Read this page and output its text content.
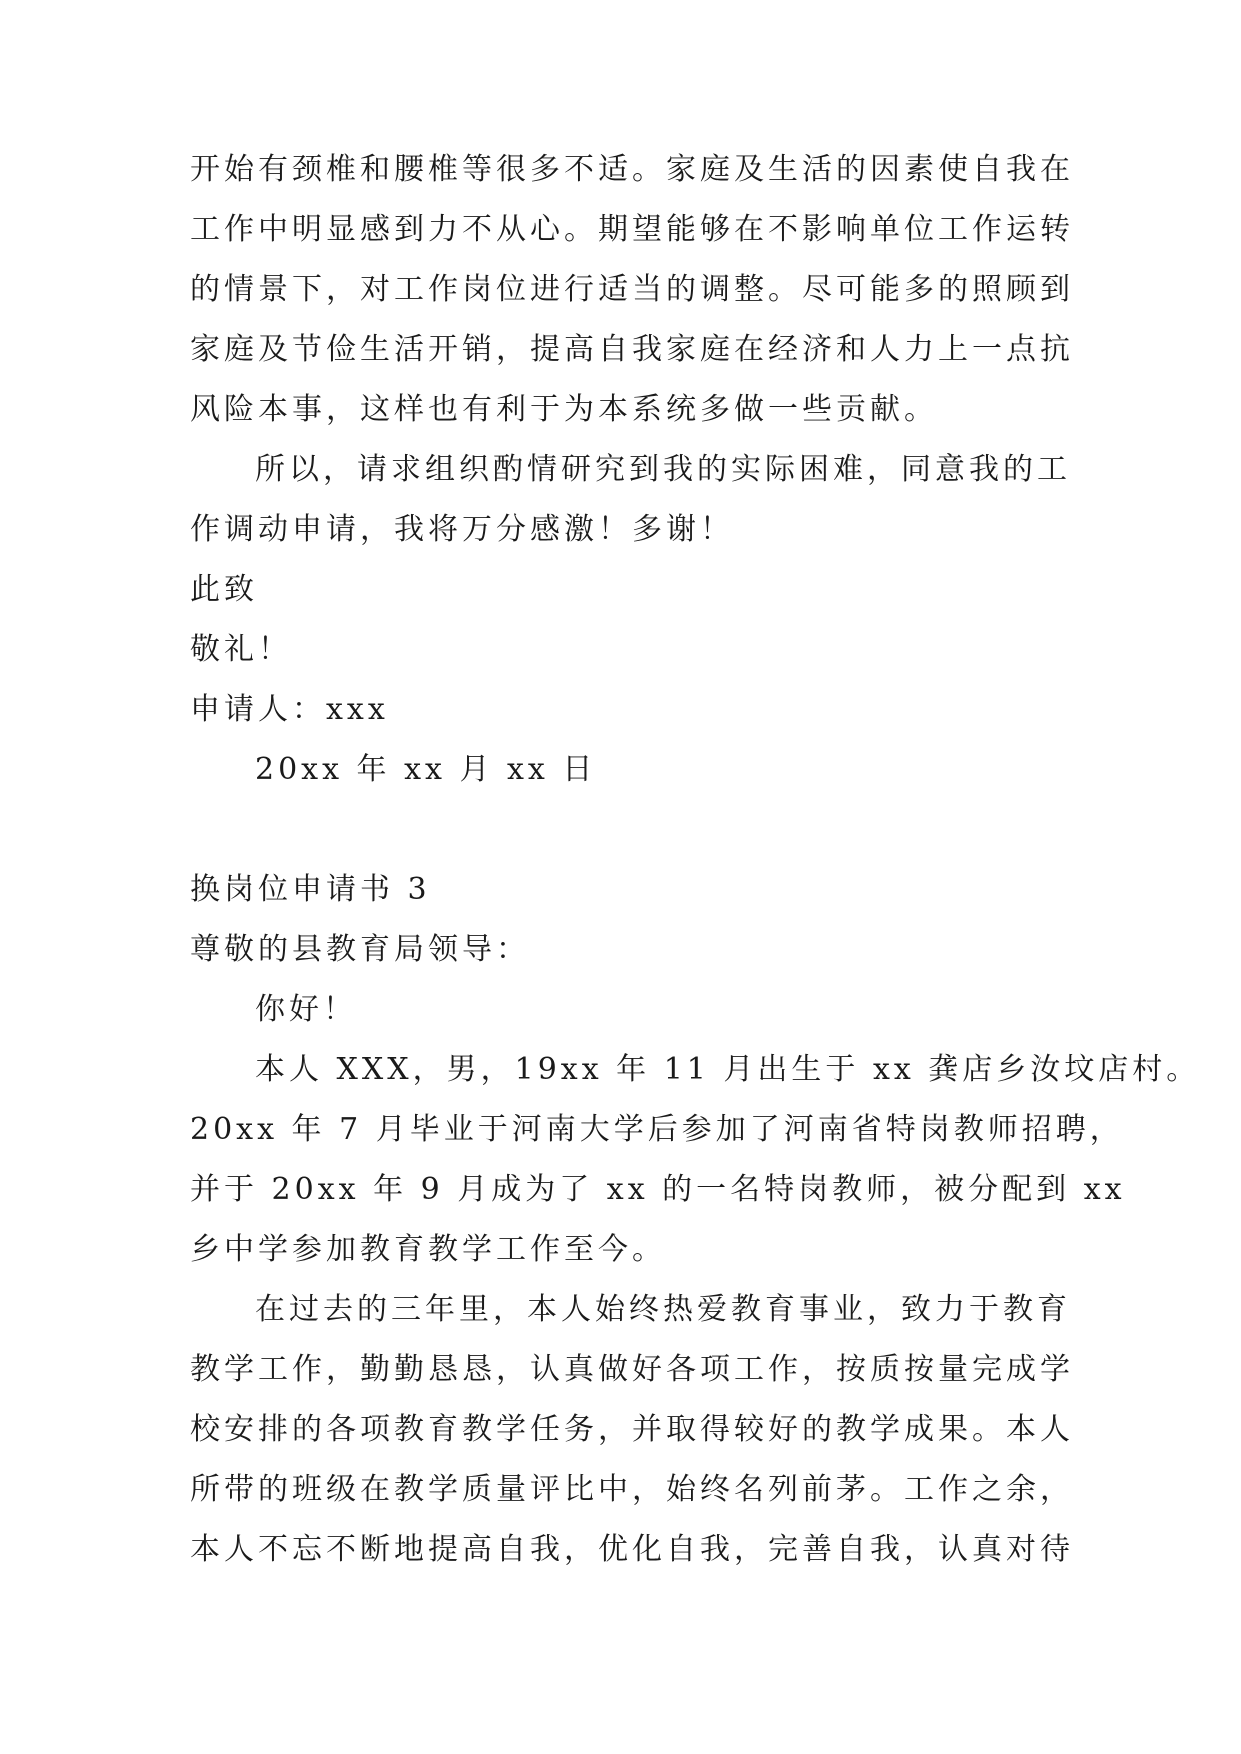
开始有颈椎和腰椎等很多不适。家庭及生活的因素使自我在
工作中明显感到力不从心。期望能够在不影响单位工作运转
的情景下，对工作岗位进行适当的调整。尽可能多的照顾到
家庭及节俭生活开销，提高自我家庭在经济和人力上一点抗
风险本事，这样也有利于为本系统多做一些贡献。
所以，请求组织酌情研究到我的实际困难，同意我的工
作调动申请，我将万分感激！多谢！
此致
敬礼！
申请人：xxx
20xx 年 xx 月 xx 日
换岗位申请书 3
尊敬的县教育局领导：
你好！
本人 XXX，男，19xx 年 11 月出生于 xx 龚店乡汝坟店村。
20xx 年 7 月毕业于河南大学后参加了河南省特岗教师招聘，
并于 20xx 年 9 月成为了 xx 的一名特岗教师，被分配到 xx
乡中学参加教育教学工作至今。
在过去的三年里，本人始终热爱教育事业，致力于教育
教学工作，勤勤恳恳，认真做好各项工作，按质按量完成学
校安排的各项教育教学任务，并取得较好的教学成果。本人
所带的班级在教学质量评比中，始终名列前茅。工作之余，
本人不忘不断地提高自我，优化自我，完善自我，认真对待
